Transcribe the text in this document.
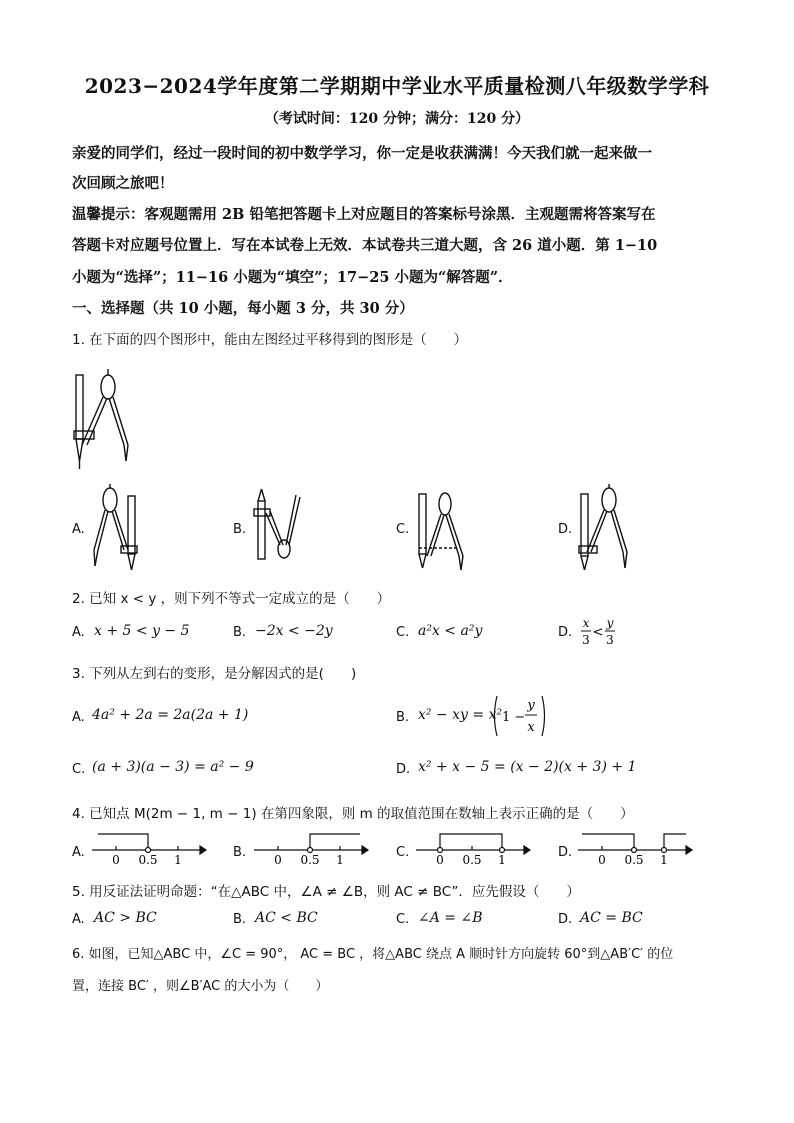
2023−2024学年度第二学期期中学业水平质量检测八年级数学学科
（考试时间：120 分钟；满分：120 分）
亲爱的同学们，经过一段时间的初中数学学习，你一定是收获满满！今天我们就一起来做一
次回顾之旅吧！
温馨提示：客观题需用 2B 铅笔把答题卡上对应题目的答案标号涂黑．主观题需将答案写在
答题卡对应题号位置上．写在本试卷上无效．本试卷共三道大题，含 26 道小题．第 1−10
小题为“选择”；11−16 小题为“填空”；17−25 小题为“解答题”．
一、选择题（共 10 小题，每小题 3 分，共 30 分）
1. 在下面的四个图形中，能由左图经过平移得到的图形是（　　）
A.	B.	C.	D.
2. 已知 x < y ，则下列不等式一定成立的是（　　）
A. x + 5 < y − 5	B. −2x < −2y	C. a²x < a²y	D.
x
3 <
y
3
3. 下列从左到右的变形，是分解因式的是(　　)
A. 4a² + 2a = 2a(2a + 1)	B. x² − xy = x² 1 −
y
x
C. (a + 3)(a − 3) = a² − 9	D. x² + x − 5 = (x − 2)(x + 3) + 1
4. 已知点 M(2m − 1, m − 1) 在第四象限，则 m 的取值范围在数轴上表示正确的是（　　）
A. 0 0.5 1	B. 0 0.5 1	C. 0 0.5 1	D. 0 0.5 1
5. 用反证法证明命题：“在△ABC 中，∠A ≠ ∠B，则 AC ≠ BC”．应先假设（　　）
A. AC > BC	B. AC < BC	C. ∠A = ∠B	D. AC = BC
6. 如图，已知△ABC 中，∠C = 90°， AC = BC ，将△ABC 绕点 A 顺时针方向旋转 60°到△AB′C′ 的位
置，连接 BC′ ，则∠B′AC 的大小为（　　）
